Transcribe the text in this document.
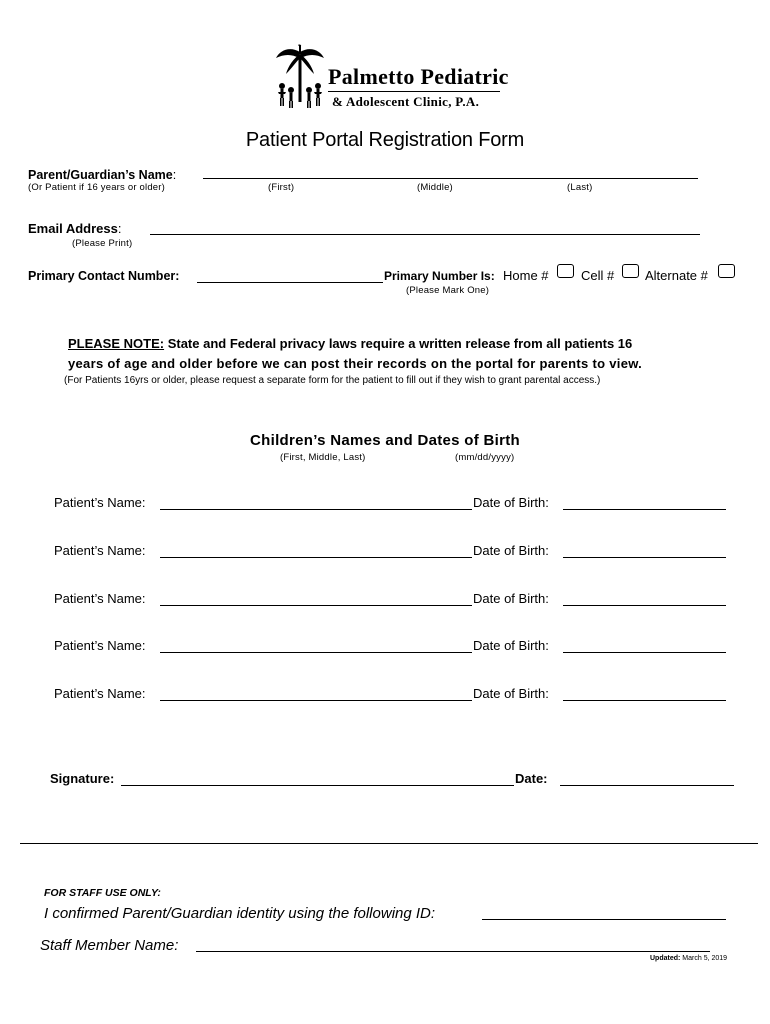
Palmetto Pediatric
& Adolescent Clinic, P.A.
Patient Portal Registration Form
Parent/Guardian’s Name:
(Or Patient if 16 years or older)	(First)	(Middle)	(Last)
Email Address:
(Please Print)
Primary Contact Number:	Primary Number Is: Home # Cell # Alternate #
(Please Mark One)
PLEASE NOTE: State and Federal privacy laws require a written release from all patients 16
years of age and older before we can post their records on the portal for parents to view.
(For Patients 16yrs or older, please request a separate form for the patient to fill out if they wish to grant parental access.)
Children’s Names and Dates of Birth
(First, Middle, Last)	(mm/dd/yyyy)
Patient’s Name:	Date of Birth:
Patient’s Name:	Date of Birth:
Patient’s Name:	Date of Birth:
Patient’s Name:	Date of Birth:
Patient’s Name:	Date of Birth:
Signature:	Date:
FOR STAFF USE ONLY:
I confirmed Parent/Guardian identity using the following ID:
Staff Member Name:
Updated: March 5, 2019
